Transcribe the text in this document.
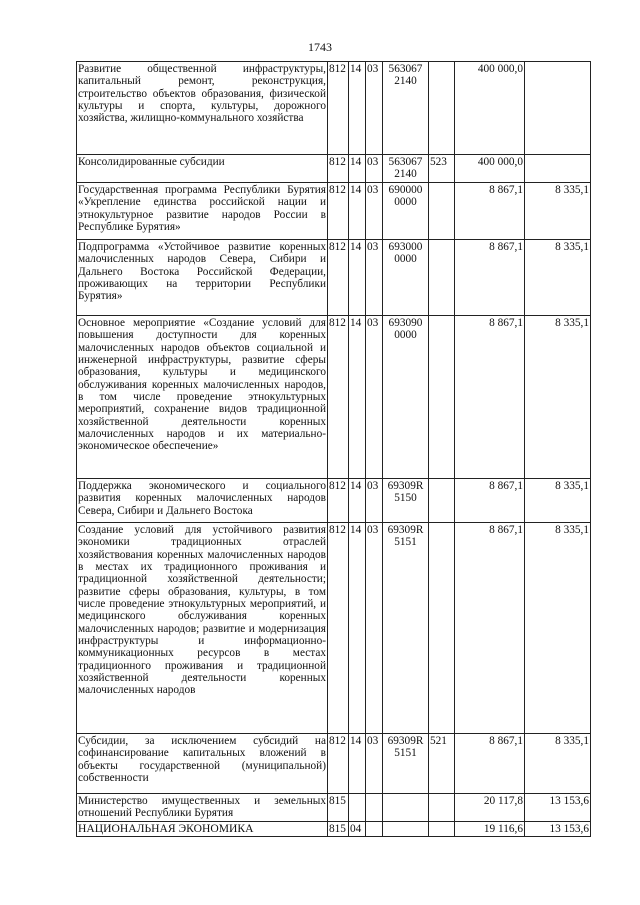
1743
Развитие общественной инфраструктуры, капитальный ремонт, реконструкция, строительство объектов образования, физической культуры и спорта, культуры, дорожного хозяйства, жилищно-коммунального хозяйства	812	14	03	563067 2140		400 000,0	
Консолидированные субсидии	812	14	03	563067 2140	523	400 000,0	
Государственная программа Республики Бурятия «Укрепление единства российской нации и этнокультурное развитие народов России в Республике Бурятия»	812	14	03	690000 0000		8 867,1	8 335,1
Подпрограмма «Устойчивое развитие коренных малочисленных народов Севера, Сибири и Дальнего Востока Российской Федерации, проживающих на территории Республики Бурятия»	812	14	03	693000 0000		8 867,1	8 335,1
Основное мероприятие «Создание условий для повышения доступности для коренных малочисленных народов объектов социальной и инженерной инфраструктуры, развитие сферы образования, культуры и медицинского обслуживания коренных малочисленных народов, в том числе проведение этнокультурных мероприятий, сохранение видов традиционной хозяйственной деятельности коренных малочисленных народов и их материально-экономическое обеспечение»	812	14	03	693090 0000		8 867,1	8 335,1
Поддержка экономического и социального развития коренных малочисленных народов Севера, Сибири и Дальнего Востока	812	14	03	69309R 5150		8 867,1	8 335,1
Создание условий для устойчивого развития экономики традиционных отраслей хозяйствования коренных малочисленных народов в местах их традиционного проживания и традиционной хозяйственной деятельности; развитие сферы образования, культуры, в том числе проведение этнокультурных мероприятий, и медицинского обслуживания коренных малочисленных народов; развитие и модернизация инфраструктуры и информационно-коммуникационных ресурсов в местах традиционного проживания и традиционной хозяйственной деятельности коренных малочисленных народов	812	14	03	69309R 5151		8 867,1	8 335,1
Субсидии, за исключением субсидий на софинансирование капитальных вложений в объекты государственной (муниципальной) собственности	812	14	03	69309R 5151	521	8 867,1	8 335,1
Министерство имущественных и земельных отношений Республики Бурятия	815					20 117,8	13 153,6
НАЦИОНАЛЬНАЯ ЭКОНОМИКА	815	04				19 116,6	13 153,6
